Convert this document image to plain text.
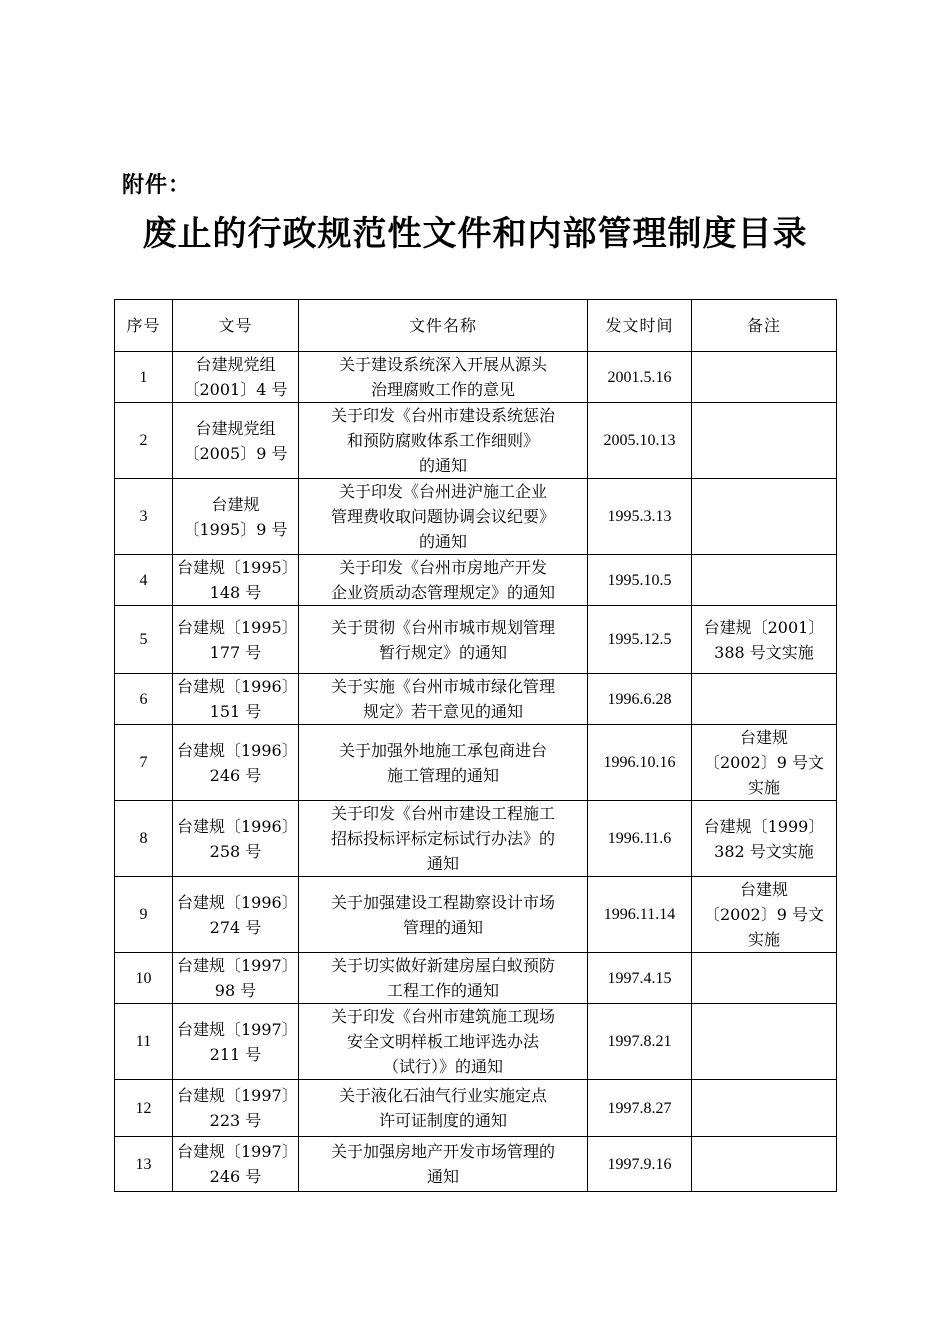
附件：
废止的行政规范性文件和内部管理制度目录
序号	文号	文件名称	发文时间	备注
1	台建规党组
〔2001〕4 号	关于建设系统深入开展从源头
治理腐败工作的意见	2001.5.16	
2	台建规党组
〔2005〕9 号	关于印发《台州市建设系统惩治
和预防腐败体系工作细则》
的通知	2005.10.13	
3	台建规
〔1995〕9 号	关于印发《台州进沪施工企业
管理费收取问题协调会议纪要》
的通知	1995.3.13	
4	台建规〔1995〕
148 号	关于印发《台州市房地产开发
企业资质动态管理规定》的通知	1995.10.5	
5	台建规〔1995〕
177 号	关于贯彻《台州市城市规划管理
暂行规定》的通知	1995.12.5	台建规〔2001〕
388 号文实施

6	台建规〔1996〕
151 号	关于实施《台州市城市绿化管理
规定》若干意见的通知	1996.6.28	
7	台建规〔1996〕
246 号	关于加强外地施工承包商进台
施工管理的通知	1996.10.16	台建规
〔2002〕9 号文
实施

8	台建规〔1996〕
258 号	关于印发《台州市建设工程施工
招标投标评标定标试行办法》的
通知	1996.11.6	台建规〔1999〕
382 号文实施

9	台建规〔1996〕
274 号	关于加强建设工程勘察设计市场
管理的通知	1996.11.14	台建规
〔2002〕9 号文
实施

10	台建规〔1997〕
98 号	关于切实做好新建房屋白蚁预防
工程工作的通知	1997.4.15	
11	台建规〔1997〕
211 号	关于印发《台州市建筑施工现场
安全文明样板工地评选办法
（试行）》的通知	1997.8.21	
12	台建规〔1997〕
223 号	关于液化石油气行业实施定点
许可证制度的通知	1997.8.27	
13	台建规〔1997〕
246 号	关于加强房地产开发市场管理的
通知	1997.9.16	
